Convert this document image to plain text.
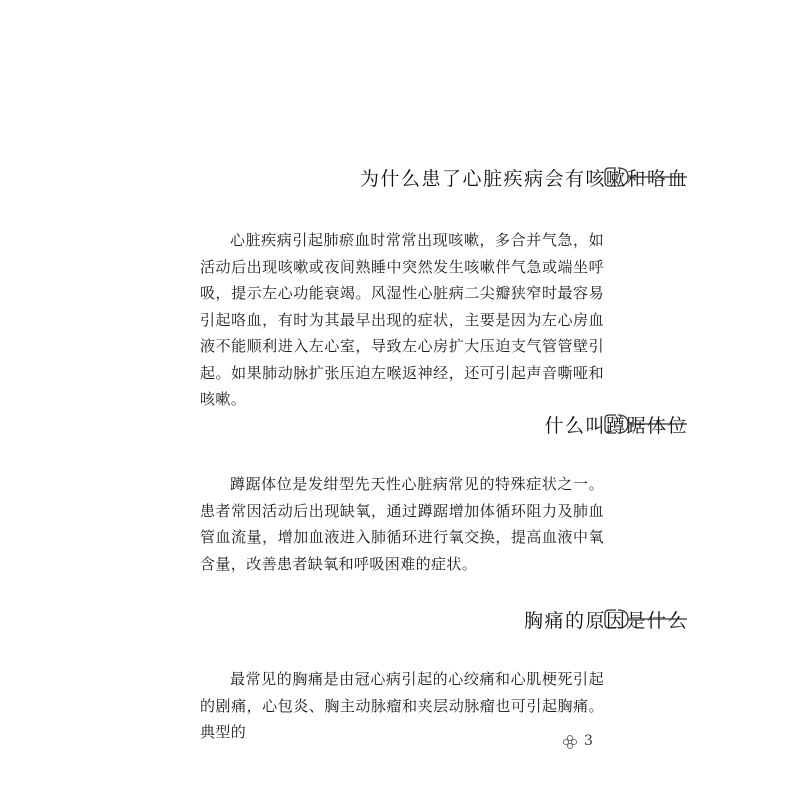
为什么患了心脏疾病会有咳嗽和咯血

心脏疾病引起肺瘀血时常常出现咳嗽，多合并气急，如活动后出现咳嗽或夜间熟睡中突然发生咳嗽伴气急或端坐呼吸，提示左心功能衰竭。风湿性心脏病二尖瓣狭窄时最容易引起咯血，有时为其最早出现的症状，主要是因为左心房血液不能顺利进入左心室，导致左心房扩大压迫支气管管壁引起。如果肺动脉扩张压迫左喉返神经，还可引起声音嘶哑和咳嗽。

什么叫蹲踞体位

蹲踞体位是发绀型先天性心脏病常见的特殊症状之一。患者常因活动后出现缺氧，通过蹲踞增加体循环阻力及肺血管血流量，增加血液进入肺循环进行氧交换，提高血液中氧含量，改善患者缺氧和呼吸困难的症状。

胸痛的原因是什么

最常见的胸痛是由冠心病引起的心绞痛和心肌梗死引起的剧痛，心包炎、胸主动脉瘤和夹层动脉瘤也可引起胸痛。典型的	3
